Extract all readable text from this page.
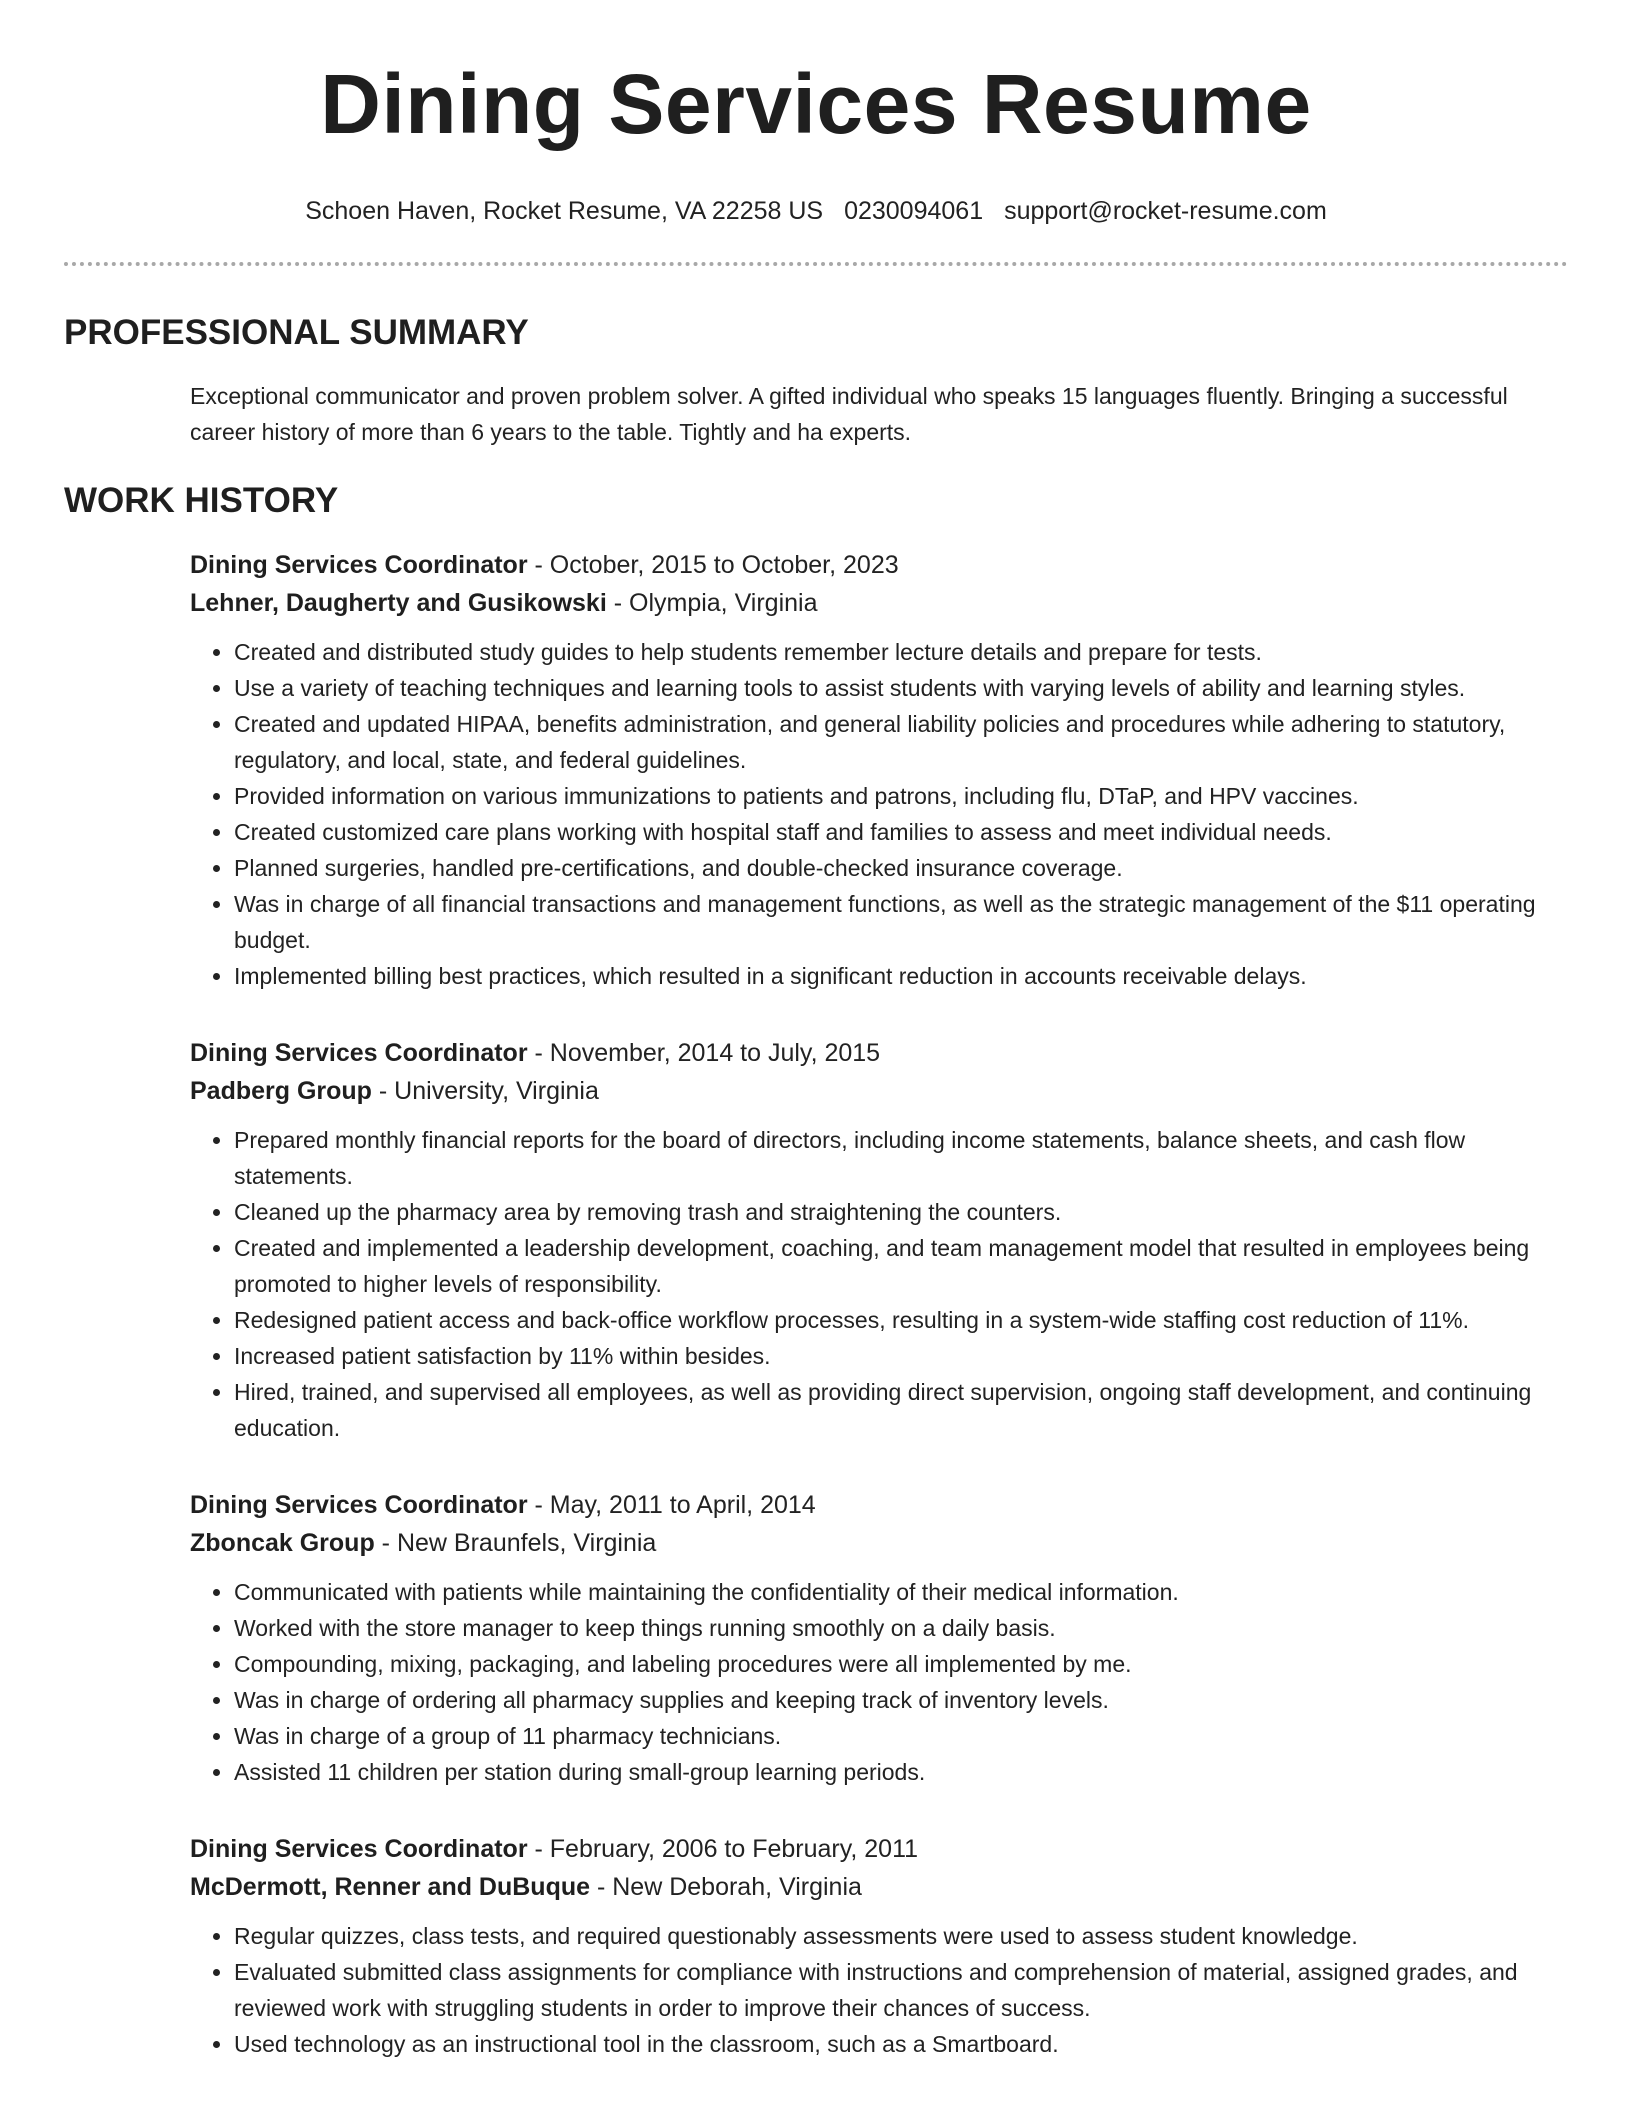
Dining Services Resume
Schoen Haven, Rocket Resume, VA 22258 US 0230094061 support@rocket-resume.com
PROFESSIONAL SUMMARY

Exceptional communicator and proven problem solver. A gifted individual who speaks 15 languages fluently. Bringing a successful career history of more than 6 years to the table. Tightly and ha experts.

WORK HISTORY
Dining Services Coordinator - October, 2015 to October, 2023
Lehner, Daugherty and Gusikowski - Olympia, Virginia
• Created and distributed study guides to help students remember lecture details and prepare for tests.
• Use a variety of teaching techniques and learning tools to assist students with varying levels of ability and learning styles.
• Created and updated HIPAA, benefits administration, and general liability policies and procedures while adhering to statutory, regulatory, and local, state, and federal guidelines.
• Provided information on various immunizations to patients and patrons, including flu, DTaP, and HPV vaccines.
• Created customized care plans working with hospital staff and families to assess and meet individual needs.
• Planned surgeries, handled pre-certifications, and double-checked insurance coverage.
• Was in charge of all financial transactions and management functions, as well as the strategic management of the $11 operating budget.
• Implemented billing best practices, which resulted in a significant reduction in accounts receivable delays.
Dining Services Coordinator - November, 2014 to July, 2015
Padberg Group - University, Virginia
• Prepared monthly financial reports for the board of directors, including income statements, balance sheets, and cash flow statements.
• Cleaned up the pharmacy area by removing trash and straightening the counters.
• Created and implemented a leadership development, coaching, and team management model that resulted in employees being promoted to higher levels of responsibility.
• Redesigned patient access and back-office workflow processes, resulting in a system-wide staffing cost reduction of 11%.
• Increased patient satisfaction by 11% within besides.
• Hired, trained, and supervised all employees, as well as providing direct supervision, ongoing staff development, and continuing education.
Dining Services Coordinator - May, 2011 to April, 2014
Zboncak Group - New Braunfels, Virginia
• Communicated with patients while maintaining the confidentiality of their medical information.
• Worked with the store manager to keep things running smoothly on a daily basis.
• Compounding, mixing, packaging, and labeling procedures were all implemented by me.
• Was in charge of ordering all pharmacy supplies and keeping track of inventory levels.
• Was in charge of a group of 11 pharmacy technicians.
• Assisted 11 children per station during small-group learning periods.
Dining Services Coordinator - February, 2006 to February, 2011
McDermott, Renner and DuBuque - New Deborah, Virginia
• Regular quizzes, class tests, and required questionably assessments were used to assess student knowledge.
• Evaluated submitted class assignments for compliance with instructions and comprehension of material, assigned grades, and reviewed work with struggling students in order to improve their chances of success.
• Used technology as an instructional tool in the classroom, such as a Smartboard.
